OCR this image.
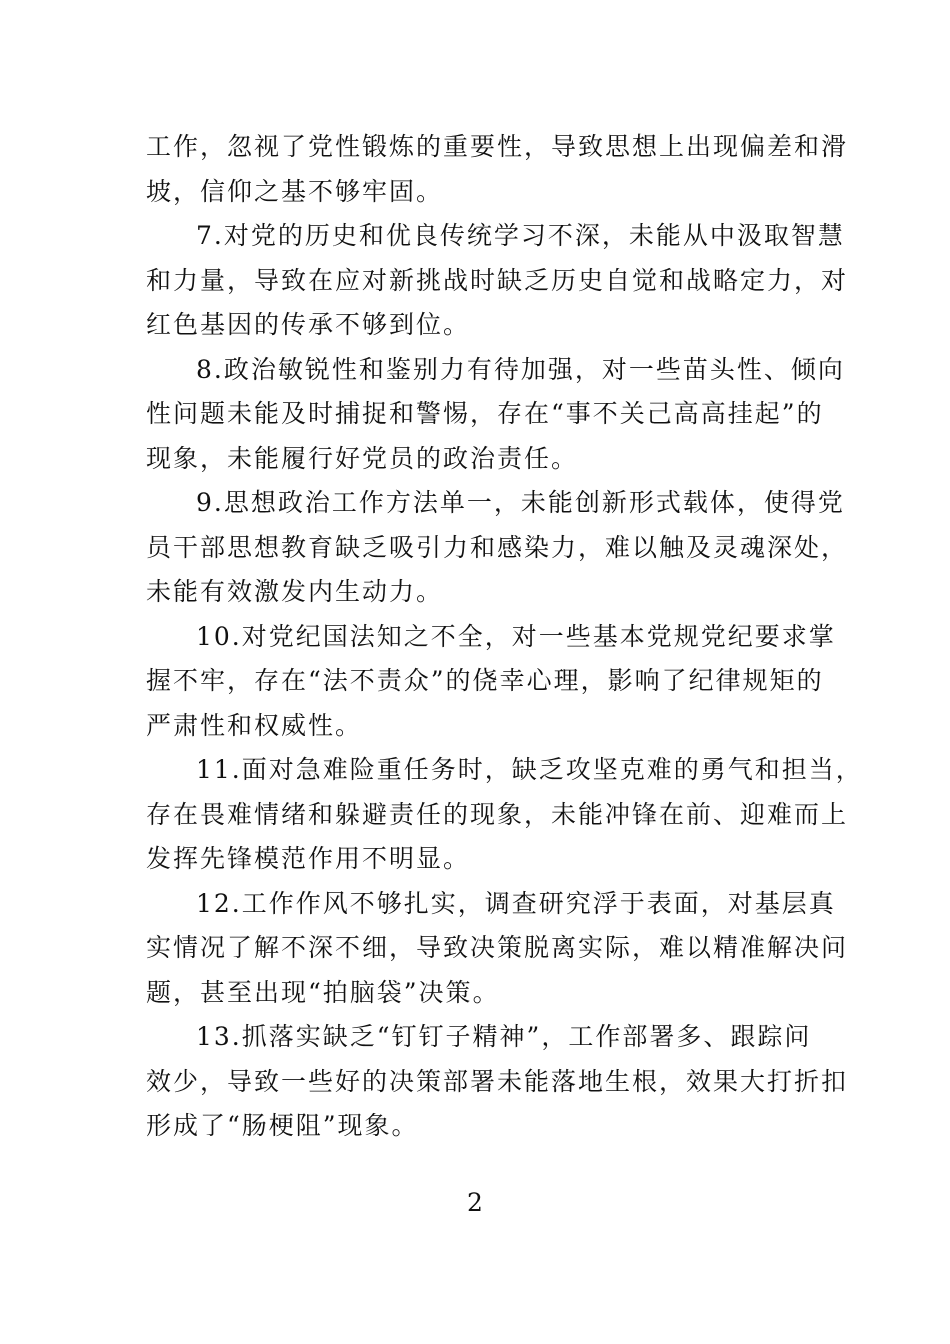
工作，忽视了党性锻炼的重要性，导致思想上出现偏差和滑
坡，信仰之基不够牢固。
7.对党的历史和优良传统学习不深，未能从中汲取智慧
和力量，导致在应对新挑战时缺乏历史自觉和战略定力，对
红色基因的传承不够到位。
8.政治敏锐性和鉴别力有待加强，对一些苗头性、倾向
性问题未能及时捕捉和警惕，存在“事不关己高高挂起”的
现象，未能履行好党员的政治责任。
9.思想政治工作方法单一，未能创新形式载体，使得党
员干部思想教育缺乏吸引力和感染力，难以触及灵魂深处，
未能有效激发内生动力。
10.对党纪国法知之不全，对一些基本党规党纪要求掌
握不牢，存在“法不责众”的侥幸心理，影响了纪律规矩的
严肃性和权威性。
11.面对急难险重任务时，缺乏攻坚克难的勇气和担当，
存在畏难情绪和躲避责任的现象，未能冲锋在前、迎难而上
发挥先锋模范作用不明显。
12.工作作风不够扎实，调查研究浮于表面，对基层真
实情况了解不深不细，导致决策脱离实际，难以精准解决问
题，甚至出现“拍脑袋”决策。
13.抓落实缺乏“钉钉子精神”，工作部署多、跟踪问
效少，导致一些好的决策部署未能落地生根，效果大打折扣
形成了“肠梗阻”现象。
2
